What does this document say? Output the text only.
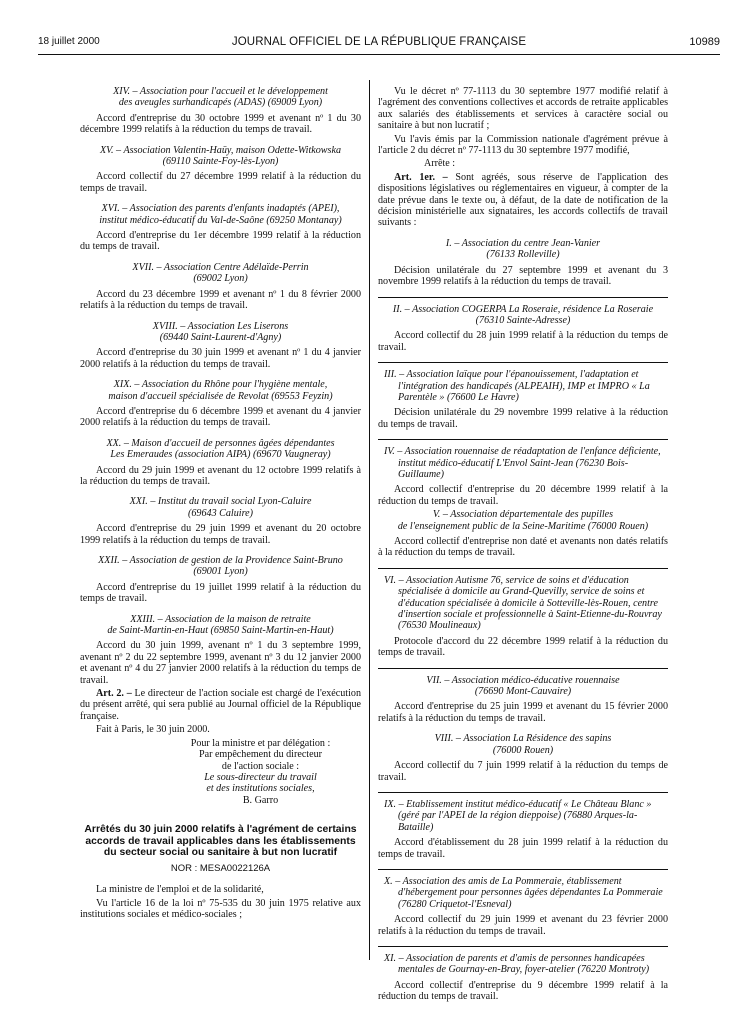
18 juillet 2000	JOURNAL OFFICIEL DE LA RÉPUBLIQUE FRANÇAISE	10989
XIV. – Association pour l'accueil et le développement
des aveugles surhandicapés (ADAS) (69009 Lyon)

Accord d'entreprise du 30 octobre 1999 et avenant nº 1 du 30 décembre 1999 relatifs à la réduction du temps de travail.

XV. – Association Valentin-Haüy, maison Odette-Witkowska
(69110 Sainte-Foy-lès-Lyon)

Accord collectif du 27 décembre 1999 relatif à la réduction du temps de travail.

XVI. – Association des parents d'enfants inadaptés (APEI),
institut médico-éducatif du Val-de-Saône (69250 Montanay)

Accord d'entreprise du 1er décembre 1999 relatif à la réduction du temps de travail.

XVII. – Association Centre Adélaïde-Perrin
(69002 Lyon)

Accord du 23 décembre 1999 et avenant nº 1 du 8 février 2000 relatifs à la réduction du temps de travail.

XVIII. – Association Les Liserons
(69440 Saint-Laurent-d'Agny)

Accord d'entreprise du 30 juin 1999 et avenant nº 1 du 4 janvier 2000 relatifs à la réduction du temps de travail.

XIX. – Association du Rhône pour l'hygiène mentale,
maison d'accueil spécialisée de Revolat (69553 Feyzin)

Accord d'entreprise du 6 décembre 1999 et avenant du 4 janvier 2000 relatifs à la réduction du temps de travail.

XX. – Maison d'accueil de personnes âgées dépendantes
Les Emeraudes (association AIPA) (69670 Vaugneray)

Accord du 29 juin 1999 et avenant du 12 octobre 1999 relatifs à la réduction du temps de travail.

XXI. – Institut du travail social Lyon-Caluire
(69643 Caluire)

Accord d'entreprise du 29 juin 1999 et avenant du 20 octobre 1999 relatifs à la réduction du temps de travail.

XXII. – Association de gestion de la Providence Saint-Bruno
(69001 Lyon)

Accord d'entreprise du 19 juillet 1999 relatif à la réduction du temps de travail.

XXIII. – Association de la maison de retraite
de Saint-Martin-en-Haut (69850 Saint-Martin-en-Haut)

Accord du 30 juin 1999, avenant nº 1 du 3 septembre 1999, avenant nº 2 du 22 septembre 1999, avenant nº 3 du 12 janvier 2000 et avenant nº 4 du 27 janvier 2000 relatifs à la réduction du temps de travail.

Art. 2. – Le directeur de l'action sociale est chargé de l'exécution du présent arrêté, qui sera publié au Journal officiel de la République française.

Fait à Paris, le 30 juin 2000.

Pour la ministre et par délégation :

Par empêchement du directeur

de l'action sociale :

Le sous-directeur du travail

et des institutions sociales,

B. Garro

Arrêtés du 30 juin 2000 relatifs à l'agrément de certains accords de travail applicables dans les établissements du secteur social ou sanitaire à but non lucratif
NOR : MESA0022126A

La ministre de l'emploi et de la solidarité,

Vu l'article 16 de la loi nº 75-535 du 30 juin 1975 relative aux institutions sociales et médico-sociales ;

Vu le décret nº 77-1113 du 30 septembre 1977 modifié relatif à l'agrément des conventions collectives et accords de retraite applicables aux salariés des établissements et services à caractère social ou sanitaire à but non lucratif ;

Vu l'avis émis par la Commission nationale d'agrément prévue à l'article 2 du décret nº 77-1113 du 30 septembre 1977 modifié,

Arrête :

Art. 1er. – Sont agréés, sous réserve de l'application des dispositions législatives ou réglementaires en vigueur, à compter de la date prévue dans le texte ou, à défaut, de la date de notification de la décision ministérielle aux signataires, les accords collectifs de travail suivants :

I. – Association du centre Jean-Vanier
(76133 Rolleville)

Décision unilatérale du 27 septembre 1999 et avenant du 3 novembre 1999 relatifs à la réduction du temps de travail.

II. – Association COGERPA La Roseraie, résidence La Roseraie
(76310 Sainte-Adresse)

Accord collectif du 28 juin 1999 relatif à la réduction du temps de travail.

III. – Association laïque pour l'épanouissement, l'adaptation et l'intégration des handicapés (ALPEAIH), IMP et IMPRO « La Parentèle » (76600 Le Havre)

Décision unilatérale du 29 novembre 1999 relative à la réduction du temps de travail.

IV. – Association rouennaise de réadaptation de l'enfance déficiente, institut médico-éducatif L'Envol Saint-Jean (76230 Bois-Guillaume)

Accord collectif d'entreprise du 20 décembre 1999 relatif à la réduction du temps de travail.

V. – Association départementale des pupilles
de l'enseignement public de la Seine-Maritime (76000 Rouen)

Accord collectif d'entreprise non daté et avenants non datés relatifs à la réduction du temps de travail.

VI. – Association Autisme 76, service de soins et d'éducation spécialisée à domicile au Grand-Quevilly, service de soins et d'éducation spécialisée à domicile à Sotteville-lès-Rouen, centre d'insertion sociale et professionnelle à Saint-Etienne-du-Rouvray (76530 Moulineaux)

Protocole d'accord du 22 décembre 1999 relatif à la réduction du temps de travail.

VII. – Association médico-éducative rouennaise
(76690 Mont-Cauvaire)

Accord d'entreprise du 25 juin 1999 et avenant du 15 février 2000 relatifs à la réduction du temps de travail.

VIII. – Association La Résidence des sapins
(76000 Rouen)

Accord collectif du 7 juin 1999 relatif à la réduction du temps de travail.

IX. – Etablissement institut médico-éducatif « Le Château Blanc » (géré par l'APEI de la région dieppoise) (76880 Arques-la-Bataille)

Accord d'établissement du 28 juin 1999 relatif à la réduction du temps de travail.

X. – Association des amis de La Pommeraie, établissement d'hébergement pour personnes âgées dépendantes La Pommeraie (76280 Criquetot-l'Esneval)

Accord collectif du 29 juin 1999 et avenant du 23 février 2000 relatifs à la réduction du temps de travail.

XI. – Association de parents et d'amis de personnes handicapées mentales de Gournay-en-Bray, foyer-atelier (76220 Montroty)

Accord collectif d'entreprise du 9 décembre 1999 relatif à la réduction du temps de travail.
